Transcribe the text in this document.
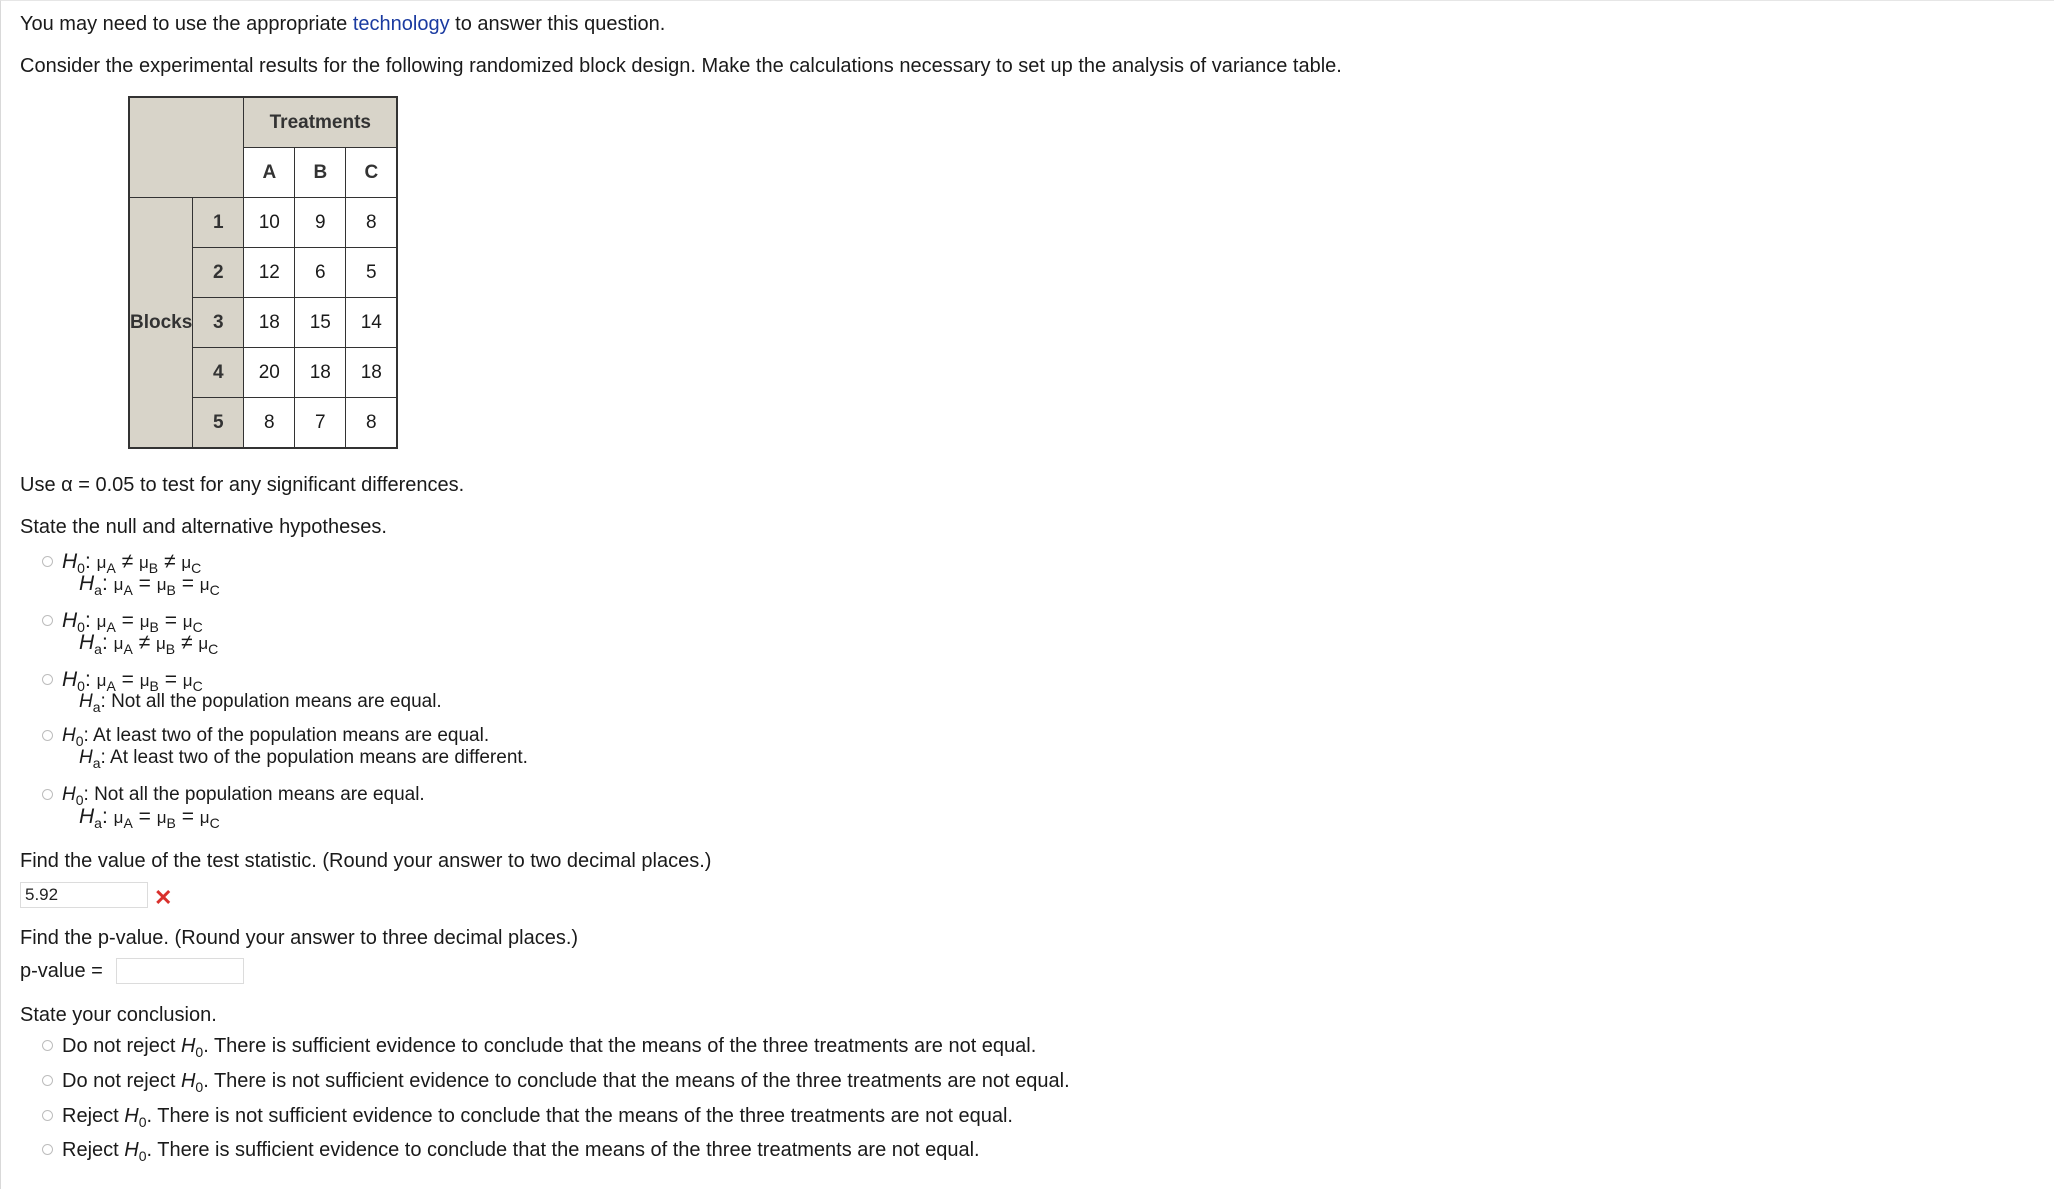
You may need to use the appropriate technology to answer this question.
Consider the experimental results for the following randomized block design. Make the calculations necessary to set up the analysis of variance table.
		Treatments		
		A	B	C
Blocks	1	10	9	8
	2	12	6	5
	3	18	15	14
	4	20	18	18
	5	8	7	8
Use α = 0.05 to test for any significant differences.
State the null and alternative hypotheses.
$H_0$: $\mu_A \ne \mu_B \ne \mu_C$
$H_a$: $\mu_A = \mu_B = \mu_C$
$H_0$: $\mu_A = \mu_B = \mu_C$
$H_a$: $\mu_A \ne \mu_B \ne \mu_C$
$H_0$: $\mu_A = \mu_B = \mu_C$
$H_a$: Not all the population means are equal.
$H_0$: At least two of the population means are equal.
$H_a$: At least two of the population means are different.
$H_0$: Not all the population means are equal.
$H_a$: $\mu_A = \mu_B = \mu_C$
Find the value of the test statistic. (Round your answer to two decimal places.)
5.92
✕
Find the p-value. (Round your answer to three decimal places.)
p-value =
State your conclusion.
Do not reject $H_0$. There is sufficient evidence to conclude that the means of the three treatments are not equal.
Do not reject $H_0$. There is not sufficient evidence to conclude that the means of the three treatments are not equal.
Reject $H_0$. There is not sufficient evidence to conclude that the means of the three treatments are not equal.
Reject $H_0$. There is sufficient evidence to conclude that the means of the three treatments are not equal.
